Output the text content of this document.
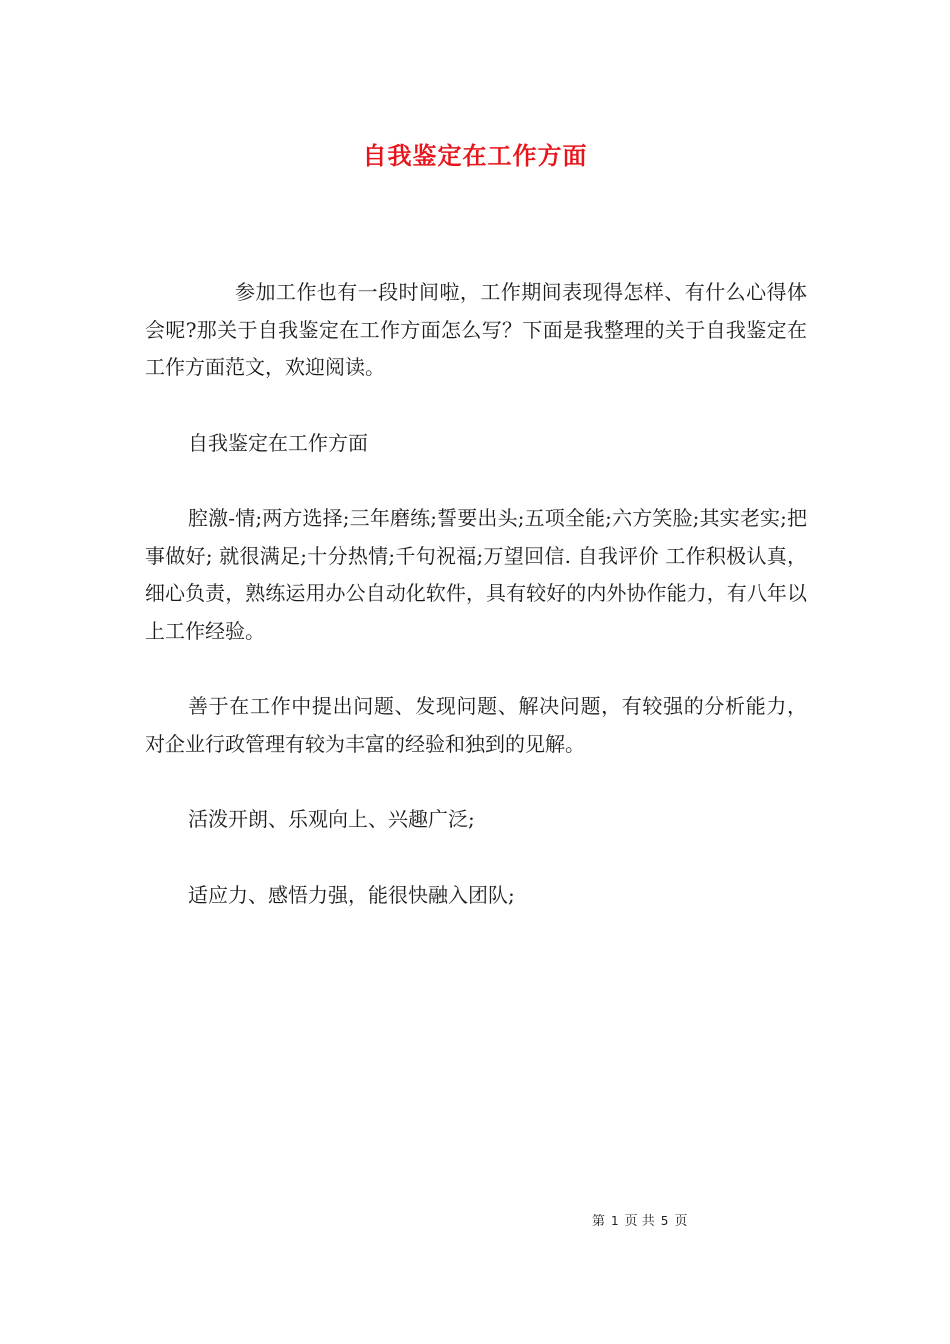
自我鉴定在工作方面

参加工作也有一段时间啦，工作期间表现得怎样、有什么心得体会呢?那关于自我鉴定在工作方面怎么写？下面是我整理的关于自我鉴定在工作方面范文，欢迎阅读。

自我鉴定在工作方面

腔激-情;两方选择;三年磨练;誓要出头;五项全能;六方笑脸;其实老实;把事做好; 就很满足;十分热情;千句祝福;万望回信. 自我评价 工作积极认真，细心负责，熟练运用办公自动化软件，具有较好的内外协作能力，有八年以上工作经验。

善于在工作中提出问题、发现问题、解决问题，有较强的分析能力，对企业行政管理有较为丰富的经验和独到的见解。

活泼开朗、乐观向上、兴趣广泛;

适应力、感悟力强，能很快融入团队;

第 1 页 共 5 页
